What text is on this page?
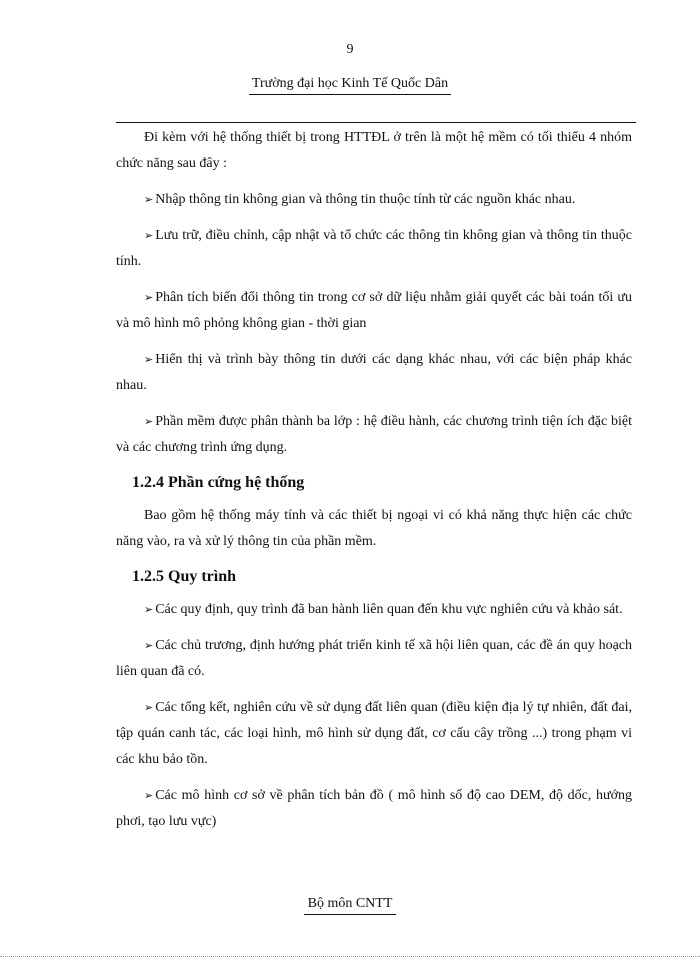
9
Trường đại học Kinh Tế Quốc Dân

Đi kèm với hệ thống thiết bị trong HTTĐL ở trên là một hệ mềm có tối thiểu 4 nhóm chức năng sau đây :

➢ Nhập thông tin không gian và thông tin thuộc tính từ các nguồn khác nhau.

➢ Lưu trữ, điều chỉnh, cập nhật và tổ chức các thông tin không gian và thông tin thuộc tính.

➢ Phân tích biến đổi thông tin trong cơ sở dữ liệu nhằm giải quyết các bài toán tối ưu và mô hình mô phỏng không gian - thời gian

➢ Hiển thị và trình bày thông tin dưới các dạng khác nhau, với các biện pháp khác nhau.

➢ Phần mềm được phân thành ba lớp : hệ điều hành, các chương trình tiện ích đặc biệt và các chương trình ứng dụng.

1.2.4 Phần cứng hệ thống

Bao gồm hệ thống máy tính và các thiết bị ngoại vi có khả năng thực hiện các chức năng vào, ra và xử lý thông tin của phần mềm.

1.2.5 Quy trình

➢ Các quy định, quy trình đã ban hành liên quan đến khu vực nghiên cứu và khảo sát.

➢ Các chủ trương, định hướng phát triển kinh tế xã hội liên quan, các đề án quy hoạch liên quan đã có.

➢ Các tổng kết, nghiên cứu về sử dụng đất liên quan (điều kiện địa lý tự nhiên, đất đai, tập quán canh tác, các loại hình, mô hình sử dụng đất, cơ cấu cây trồng ...) trong phạm vi các khu bảo tồn.

➢ Các mô hình cơ sở về phân tích bản đồ ( mô hình số độ cao DEM, độ dốc, hướng phơi, tạo lưu vực)

Bộ môn CNTT
